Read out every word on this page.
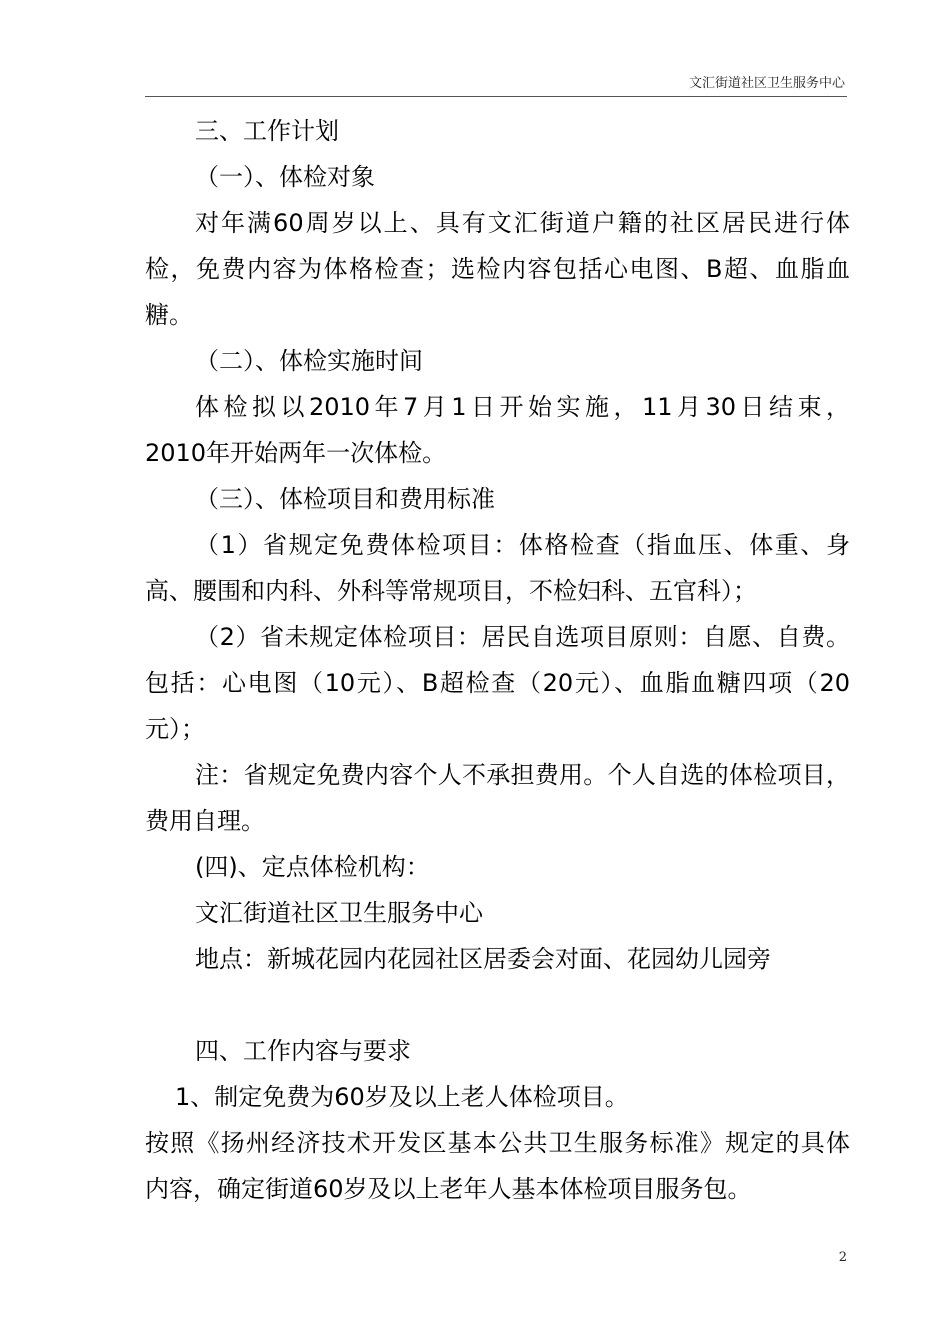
文汇街道社区卫生服务中心
三、工作计划
（一）、体检对象
对年满60周岁以上、具有文汇街道户籍的社区居民进行体
检，免费内容为体格检查；选检内容包括心电图、B超、血脂血
糖。
（二）、体检实施时间
体检拟以2010年7月1日开始实施，11月30日结束，
2010年开始两年一次体检。
（三）、体检项目和费用标准
（1）省规定免费体检项目：体格检查（指血压、体重、身
高、腰围和内科、外科等常规项目，不检妇科、五官科）；
（2）省未规定体检项目：居民自选项目原则：自愿、自费。
包括：心电图（10元）、B超检查（20元）、血脂血糖四项（20
元）；
注：省规定免费内容个人不承担费用。个人自选的体检项目，
费用自理。
(四)、定点体检机构：
文汇街道社区卫生服务中心
地点：新城花园内花园社区居委会对面、花园幼儿园旁
四、工作内容与要求
1、制定免费为60岁及以上老人体检项目。
按照《扬州经济技术开发区基本公共卫生服务标准》规定的具体
内容，确定街道60岁及以上老年人基本体检项目服务包。
2
